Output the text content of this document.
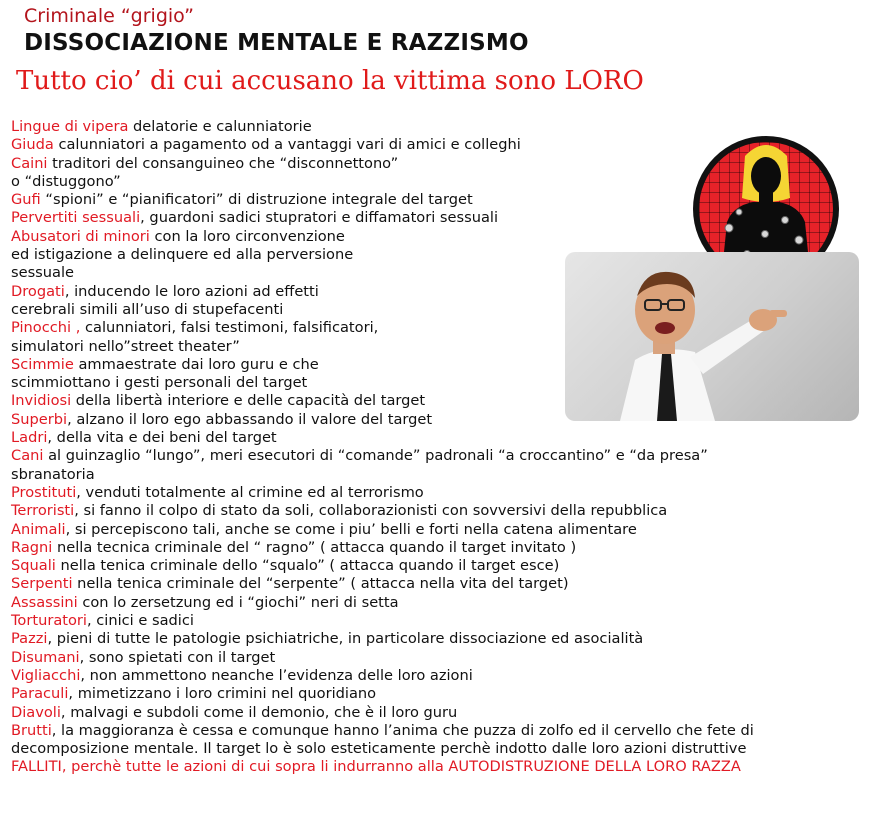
Criminale “grigio”
DISSOCIAZIONE MENTALE E RAZZISMO
Tutto cio’ di cui accusano la vittima sono LORO
Lingue di vipera delatorie e calunniatorie
Giuda calunniatori a pagamento od a vantaggi vari di amici e colleghi
Caini traditori del consanguineo che “disconnettono”
o “distuggono”
Gufi “spioni” e “pianificatori” di distruzione integrale del target
Pervertiti sessuali, guardoni sadici stupratori e diffamatori sessuali
Abusatori di minori con la loro circonvenzione
ed istigazione a delinquere ed alla perversione
sessuale
Drogati, inducendo le loro azioni ad effetti
cerebrali simili all’uso di stupefacenti
Pinocchi , calunniatori, falsi testimoni, falsificatori,
simulatori nello”street theater”
Scimmie ammaestrate dai loro guru e che
scimmiottano i gesti personali del target
Invidiosi della libertà interiore e delle capacità del target
Superbi, alzano il loro ego abbassando il valore del target
Ladri, della vita e dei beni del target
Cani al guinzaglio “lungo”, meri esecutori di “comande” padronali “a croccantino” e “da presa”
sbranatoria
Prostituti, venduti totalmente al crimine ed al terrorismo
Terroristi, si fanno il colpo di stato da soli, collaborazionisti con sovversivi della repubblica
Animali, si percepiscono tali, anche se come i piu’ belli e forti nella catena alimentare
Ragni nella tecnica criminale del “ ragno” ( attacca quando il target invitato )
Squali nella tenica criminale dello “squalo” ( attacca quando il target esce)
Serpenti nella tenica criminale del “serpente” ( attacca nella vita del target)
Assassini con lo zersetzung ed i “giochi” neri di setta
Torturatori, cinici e sadici
Pazzi, pieni di tutte le patologie psichiatriche, in particolare dissociazione ed asocialità
Disumani, sono spietati con il target
Vigliacchi, non ammettono neanche l’evidenza delle loro azioni
Paraculi, mimetizzano i loro crimini nel quoridiano
Diavoli, malvagi e subdoli come il demonio, che è il loro guru
Brutti, la maggioranza è cessa e comunque hanno l’anima che puzza di zolfo ed il cervello che fete di
decomposizione mentale. Il target lo è solo esteticamente perchè indotto dalle loro azioni distruttive
FALLITI, perchè tutte le azioni di cui sopra li indurranno alla AUTODISTRUZIONE DELLA LORO RAZZA
